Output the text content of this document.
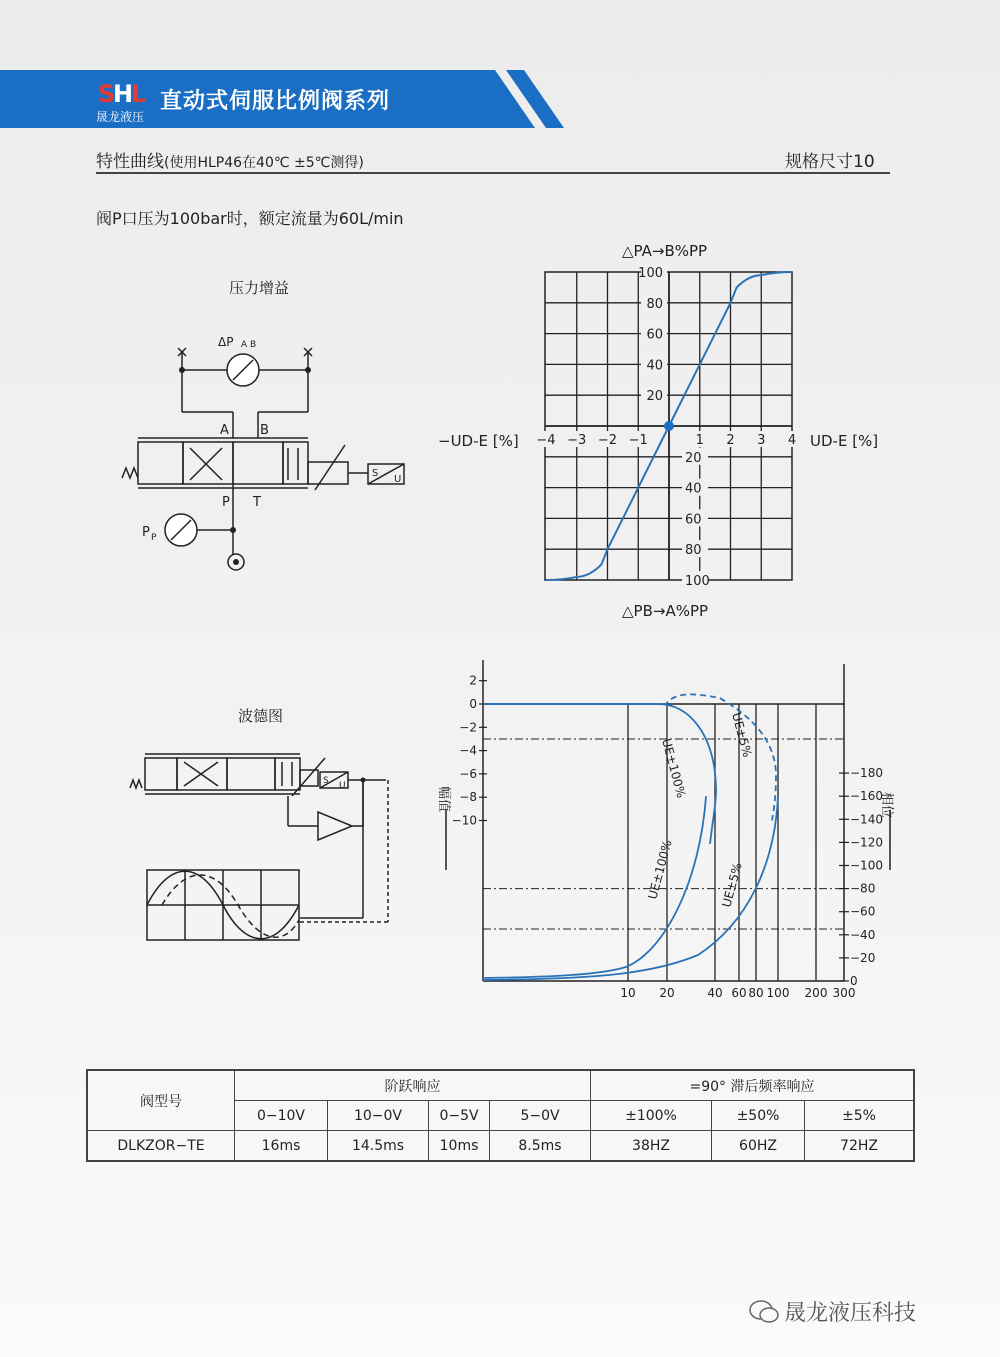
S
H
L
晟龙液压
直动式伺服比例阀系列
特性曲线(使用HLP46在40℃ ±5℃测得)	规格尺寸10
阀P口压为100bar时，额定流量为60L/min
压力增益
ΔP A B
A B
P T
P P
S
U
100
80
60
40
20
20
40
60
80
100
−4 −3 −2 −1	1 2 3 4
△PA→B%PP
△PB→A%PP
−UD-E [%]	UD-E [%]
波德图
S U
2
0
−2
−4
−6
−8
−10
−180
−160
−140
−120
−100
−80
−60
−40
−20
0
10 20	40 60 80 100 200 300
UE±100%
UE±5%
UE±100%	UE±5%
幅值	相位
阀型号	阶跃响应				=90° 滞后频率响应		
	0−10V	10−0V	0−5V	5−0V	±100%	±50%	±5%
DLKZOR−TE	16ms	14.5ms	10ms	8.5ms	38HZ	60HZ	72HZ
晟龙液压科技
